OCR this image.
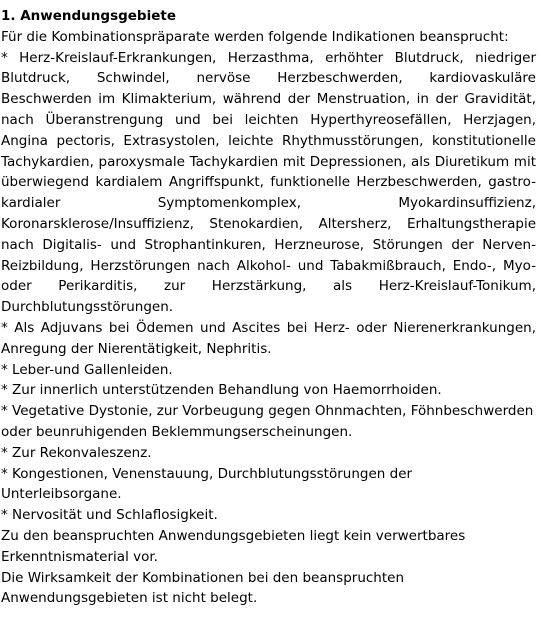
1. Anwendungsgebiete

Für die Kombinationspräparate werden folgende Indikationen beansprucht:

* Herz-Kreislauf-Erkrankungen, Herzasthma, erhöhter Blutdruck, niedriger Blutdruck, Schwindel, nervöse Herzbeschwerden, kardiovaskuläre Beschwerden im Klimakterium, während der Menstruation, in der Gravidität, nach Überanstrengung und bei leichten Hyperthyreosefällen, Herzjagen, Angina pectoris, Extrasystolen, leichte Rhythmusstörungen, konstitutionelle Tachykardien, paroxysmale Tachykardien mit Depressionen, als Diuretikum mit überwiegend kardialem Angriffspunkt, funktionelle Herzbeschwerden, gastro-kardialer Symptomenkomplex, Myokardinsuffizienz, Koronarsklerose/Insuffizienz, Stenokardien, Altersherz, Erhaltungstherapie nach Digitalis- und Strophantinkuren, Herzneurose, Störungen der Nerven-Reizbildung, Herzstörungen nach Alkohol- und Tabakmißbrauch, Endo-, Myo- oder Perikarditis, zur Herzstärkung, als Herz-Kreislauf-Tonikum, Durchblutungsstörungen.

* Als Adjuvans bei Ödemen und Ascites bei Herz- oder Nierenerkrankungen, Anregung der Nierentätigkeit, Nephritis.

* Leber-und Gallenleiden.

* Zur innerlich unterstützenden Behandlung von Haemorrhoiden.

* Vegetative Dystonie, zur Vorbeugung gegen Ohnmachten, Föhnbeschwerden oder beunruhigenden Beklemmungserscheinungen.

* Zur Rekonvaleszenz.

* Kongestionen, Venenstauung, Durchblutungsstörungen der Unterleibsorgane.

* Nervosität und Schlaflosigkeit.

Zu den beanspruchten Anwendungsgebieten liegt kein verwertbares Erkenntnismaterial vor.

Die Wirksamkeit der Kombinationen bei den beanspruchten Anwendungsgebieten ist nicht belegt.
